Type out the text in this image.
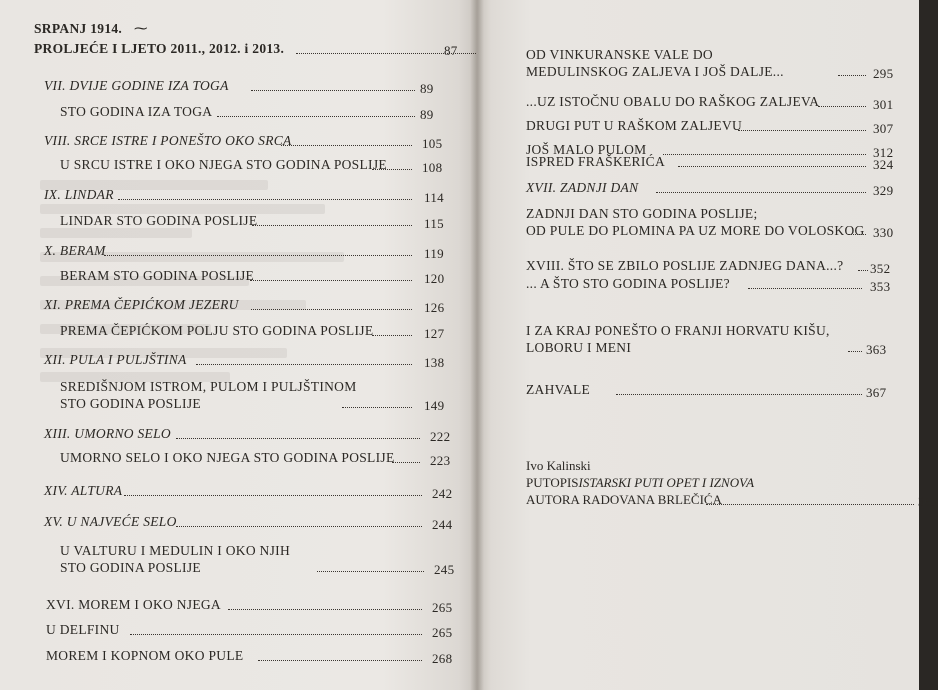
SRPANJ 1914. ⁓
PROLJEĆE I LJETO 2011., 2012. i 2013.	87
VII. DVIJE GODINE IZA TOGA	89
STO GODINA IZA TOGA	89
VIII. SRCE ISTRE I PONEŠTO OKO SRCA	105
U SRCU ISTRE I OKO NJEGA STO GODINA POSLIJE	108
IX. LINDAR	114
LINDAR STO GODINA POSLIJE	115
X. BERAM	119
BERAM STO GODINA POSLIJE	120
XI. PREMA ČEPIĆKOM JEZERU	126
PREMA ČEPIĆKOM POLJU STO GODINA POSLIJE	127
XII. PULA I PULJŠTINA	138
SREDIŠNJOM ISTROM, PULOM I PULJŠTINOM
STO GODINA POSLIJE	149
XIII. UMORNO SELO	222
UMORNO SELO I OKO NJEGA STO GODINA POSLIJE	223
XIV. ALTURA	242
XV. U NAJVEĆE SELO	244
U VALTURU I MEDULIN I OKO NJIH
STO GODINA POSLIJE	245
XVI. MOREM I OKO NJEGA	265
U DELFINU	265
MOREM I KOPNOM OKO PULE	268
OD VINKURANSKE VALE DO
MEDULINSKOG ZALJEVA I JOŠ DALJE...	295
...UZ ISTOČNU OBALU DO RAŠKOG ZALJEVA	301
DRUGI PUT U RAŠKOM ZALJEVU	307
JOŠ MALO PULOM	312
ISPRED FRAŠKERIĆA	324
XVII. ZADNJI DAN	329
ZADNJI DAN STO GODINA POSLIJE;
OD PULE DO PLOMINA PA UZ MORE DO VOLOSKOG 330
XVIII. ŠTO SE ZBILO POSLIJE ZADNJEG DANA...? 352
... A ŠTO STO GODINA POSLIJE?	353
I ZA KRAJ PONEŠTO O FRANJI HORVATU KIŠU,
LOBORU I MENI	363
ZAHVALE	367
Ivo Kalinski
PUTOPISISTARSKI PUTI OPET I IZNOVA
AUTORA RADOVANA BRLEČIĆA	369
